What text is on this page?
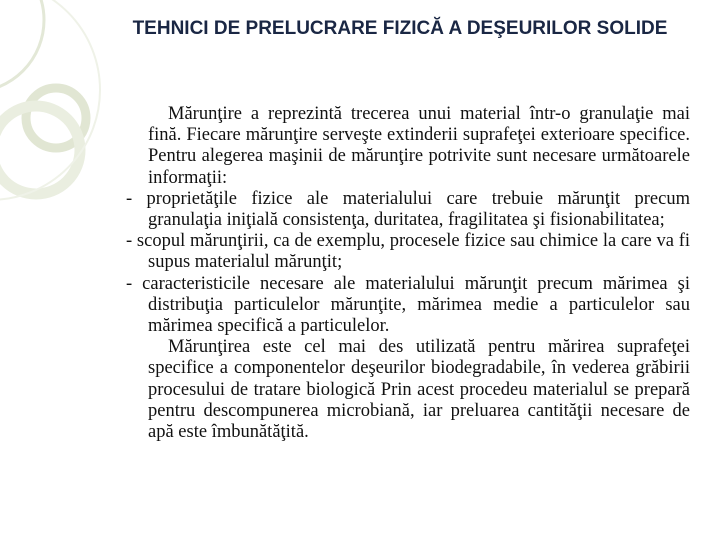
TEHNICI DE PRELUCRARE FIZICĂ A DEŞEURILOR SOLIDE

Mărunţire a reprezintă trecerea unui material într-o granulaţie mai fină. Fiecare mărunţire serveşte extinderii suprafeţei exterioare specifice. Pentru alegerea maşinii de mărunţire potrivite sunt necesare următoarele informaţii:

- proprietăţile fizice ale materialului care trebuie mărunţit precum granulaţia iniţială consistenţa, duritatea, fragilitatea şi fisionabilitatea;

- scopul mărunţirii, ca de exemplu, procesele fizice sau chimice la care va fi supus materialul mărunţit;

- caracteristicile necesare ale materialului mărunţit precum mărimea şi distribuţia particulelor mărunţite, mărimea medie a particulelor sau mărimea specifică a particulelor.

Mărunţirea este cel mai des utilizată pentru mărirea suprafeţei specifice a componentelor deşeurilor biodegradabile, în vederea grăbirii procesului de tratare biologică Prin acest procedeu materialul se prepară pentru descompunerea microbiană, iar preluarea cantităţii necesare de apă este îmbunătăţită.
